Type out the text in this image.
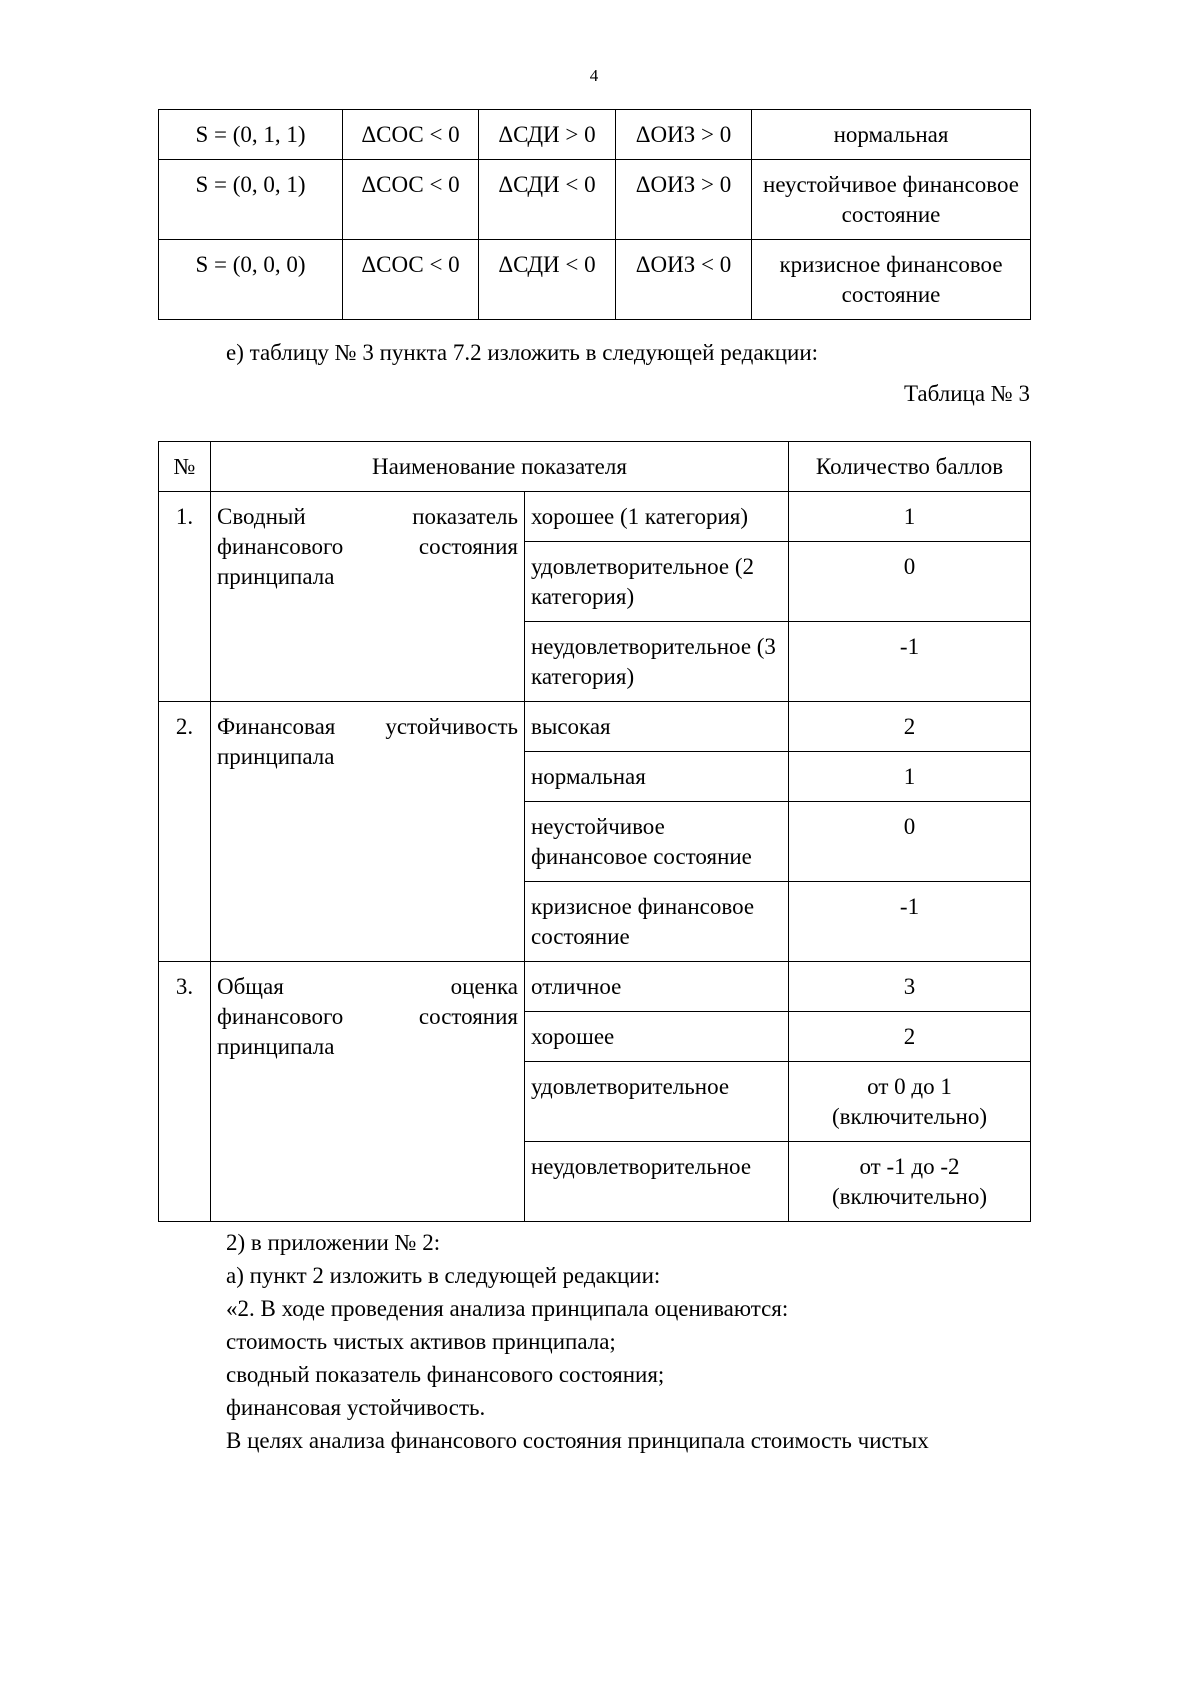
4
S = (0, 1, 1)	ΔСОС < 0	ΔСДИ > 0	ΔОИЗ > 0	нормальная
S = (0, 0, 1)	ΔСОС < 0	ΔСДИ < 0	ΔОИЗ > 0	неустойчивое финансовое состояние
S = (0, 0, 0)	ΔСОС < 0	ΔСДИ < 0	ΔОИЗ < 0	кризисное финансовое состояние
е) таблицу № 3 пункта 7.2 изложить в следующей редакции:
Таблица № 3
№	Наименование показателя		Количество баллов
1.	Сводный показатель
финансового состояния
принципала	хорошее (1 категория)	1
		удовлетворительное (2 категория)	0
		неудовлетворительное (3 категория)	-1
2.	Финансовая устойчивость
принципала	высокая	2
		нормальная	1
		неустойчивое финансовое состояние	0
		кризисное финансовое состояние	-1
3.	Общая оценка
финансового состояния
принципала	отличное	3
		хорошее	2
		удовлетворительное	от 0 до 1 (включительно)
		неудовлетворительное	от -1 до -2 (включительно)
2) в приложении № 2:
а) пункт 2 изложить в следующей редакции:
«2. В ходе проведения анализа принципала оцениваются:
стоимость чистых активов принципала;
сводный показатель финансового состояния;
финансовая устойчивость.
В целях анализа финансового состояния принципала стоимость чистых
